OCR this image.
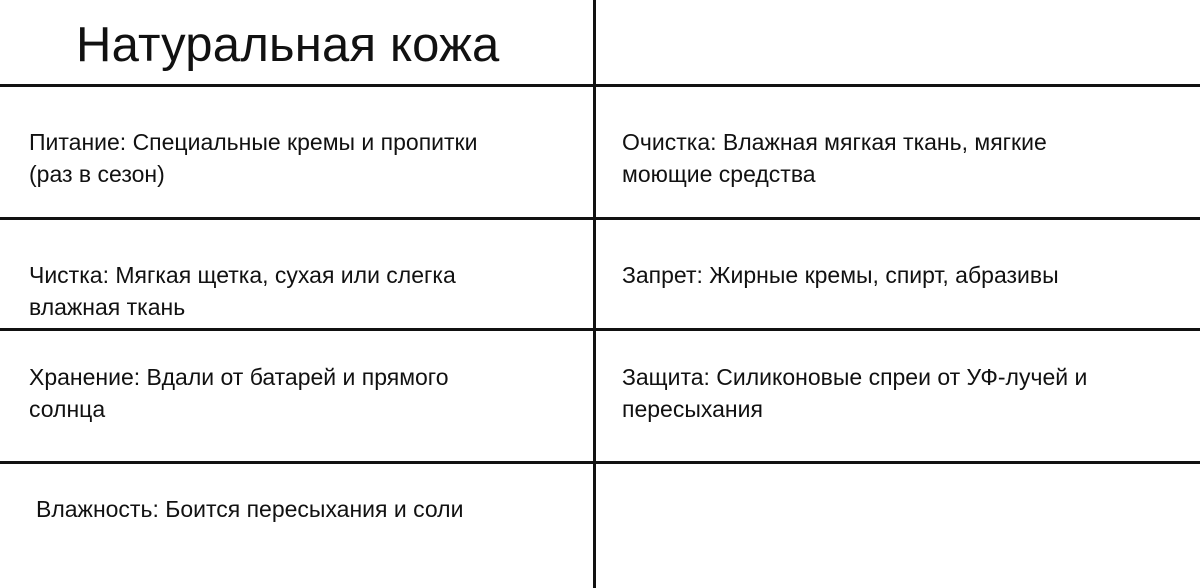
Натуральная кожа
Питание: Специальные кремы и пропитки
(раз в сезон)
Очистка: Влажная мягкая ткань, мягкие
моющие средства
Чистка: Мягкая щетка, сухая или слегка
влажная ткань
Запрет: Жирные кремы, спирт, абразивы
Хранение: Вдали от батарей и прямого
солнца
Защита: Силиконовые спреи от УФ-лучей и
пересыхания
Влажность: Боится пересыхания и соли
